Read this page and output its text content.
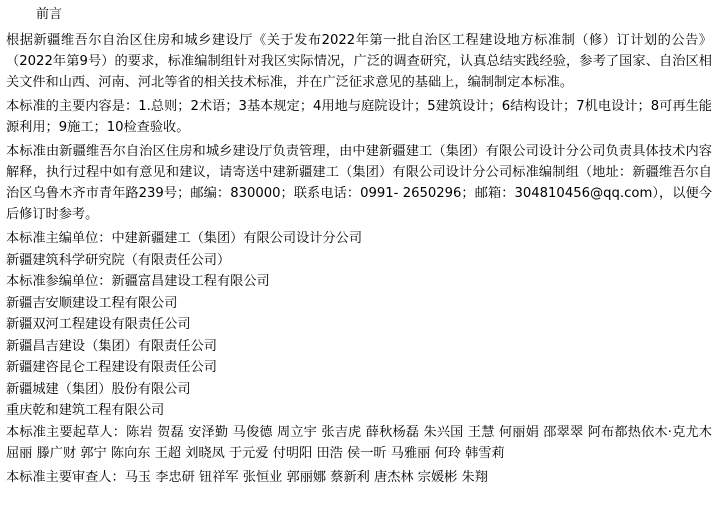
前言

根据新疆维吾尔自治区住房和城乡建设厅《关于发布2022年第一批自治区工程建设地方标准制（修）订计划的公告》（2022年第9号）的要求，标准编制组针对我区实际情况，广泛的调查研究，认真总结实践经验，参考了国家、自治区相关文件和山西、河南、河北等省的相关技术标准，并在广泛征求意见的基础上，编制制定本标准。

本标准的主要内容是：1.总则；2术语；3基本规定；4用地与庭院设计；5建筑设计；6结构设计；7机电设计；8可再生能源利用；9施工；10检查验收。

本标准由新疆维吾尔自治区住房和城乡建设厅负责管理，由中建新疆建工（集团）有限公司设计分公司负责具体技术内容解释，执行过程中如有意见和建议，请寄送中建新疆建工（集团）有限公司设计分公司标准编制组（地址：新疆维吾尔自治区乌鲁木齐市青年路239号；邮编：830000；联系电话：0991- 2650296；邮箱：304810456@qq.com），以便今后修订时参考。

本标准主编单位：中建新疆建工（集团）有限公司设计分公司

新疆建筑科学研究院（有限责任公司）

本标准参编单位：新疆富昌建设工程有限公司

新疆吉安顺建设工程有限公司

新疆双河工程建设有限责任公司

新疆昌吉建设（集团）有限责任公司

新疆建咨昆仑工程建设有限责任公司

新疆城建（集团）股份有限公司

重庆乾和建筑工程有限公司

本标准主要起草人：陈岩 贺磊 安泽勤 马俊德 周立宇 张吉虎 薛秋杨磊 朱兴国 王慧 何丽娟 邵翠翠 阿布都热依木·克尤木 屈丽 滕广财 郭宁 陈向东 王超 刘晓凤 于元爱 付明阳 田浩 侯一昕 马雅丽 何玲 韩雪莉

本标准主要审查人：马玉 李忠研 钮祥军 张恒业 郭丽娜 蔡新利 唐杰林 宗媛彬 朱翔
